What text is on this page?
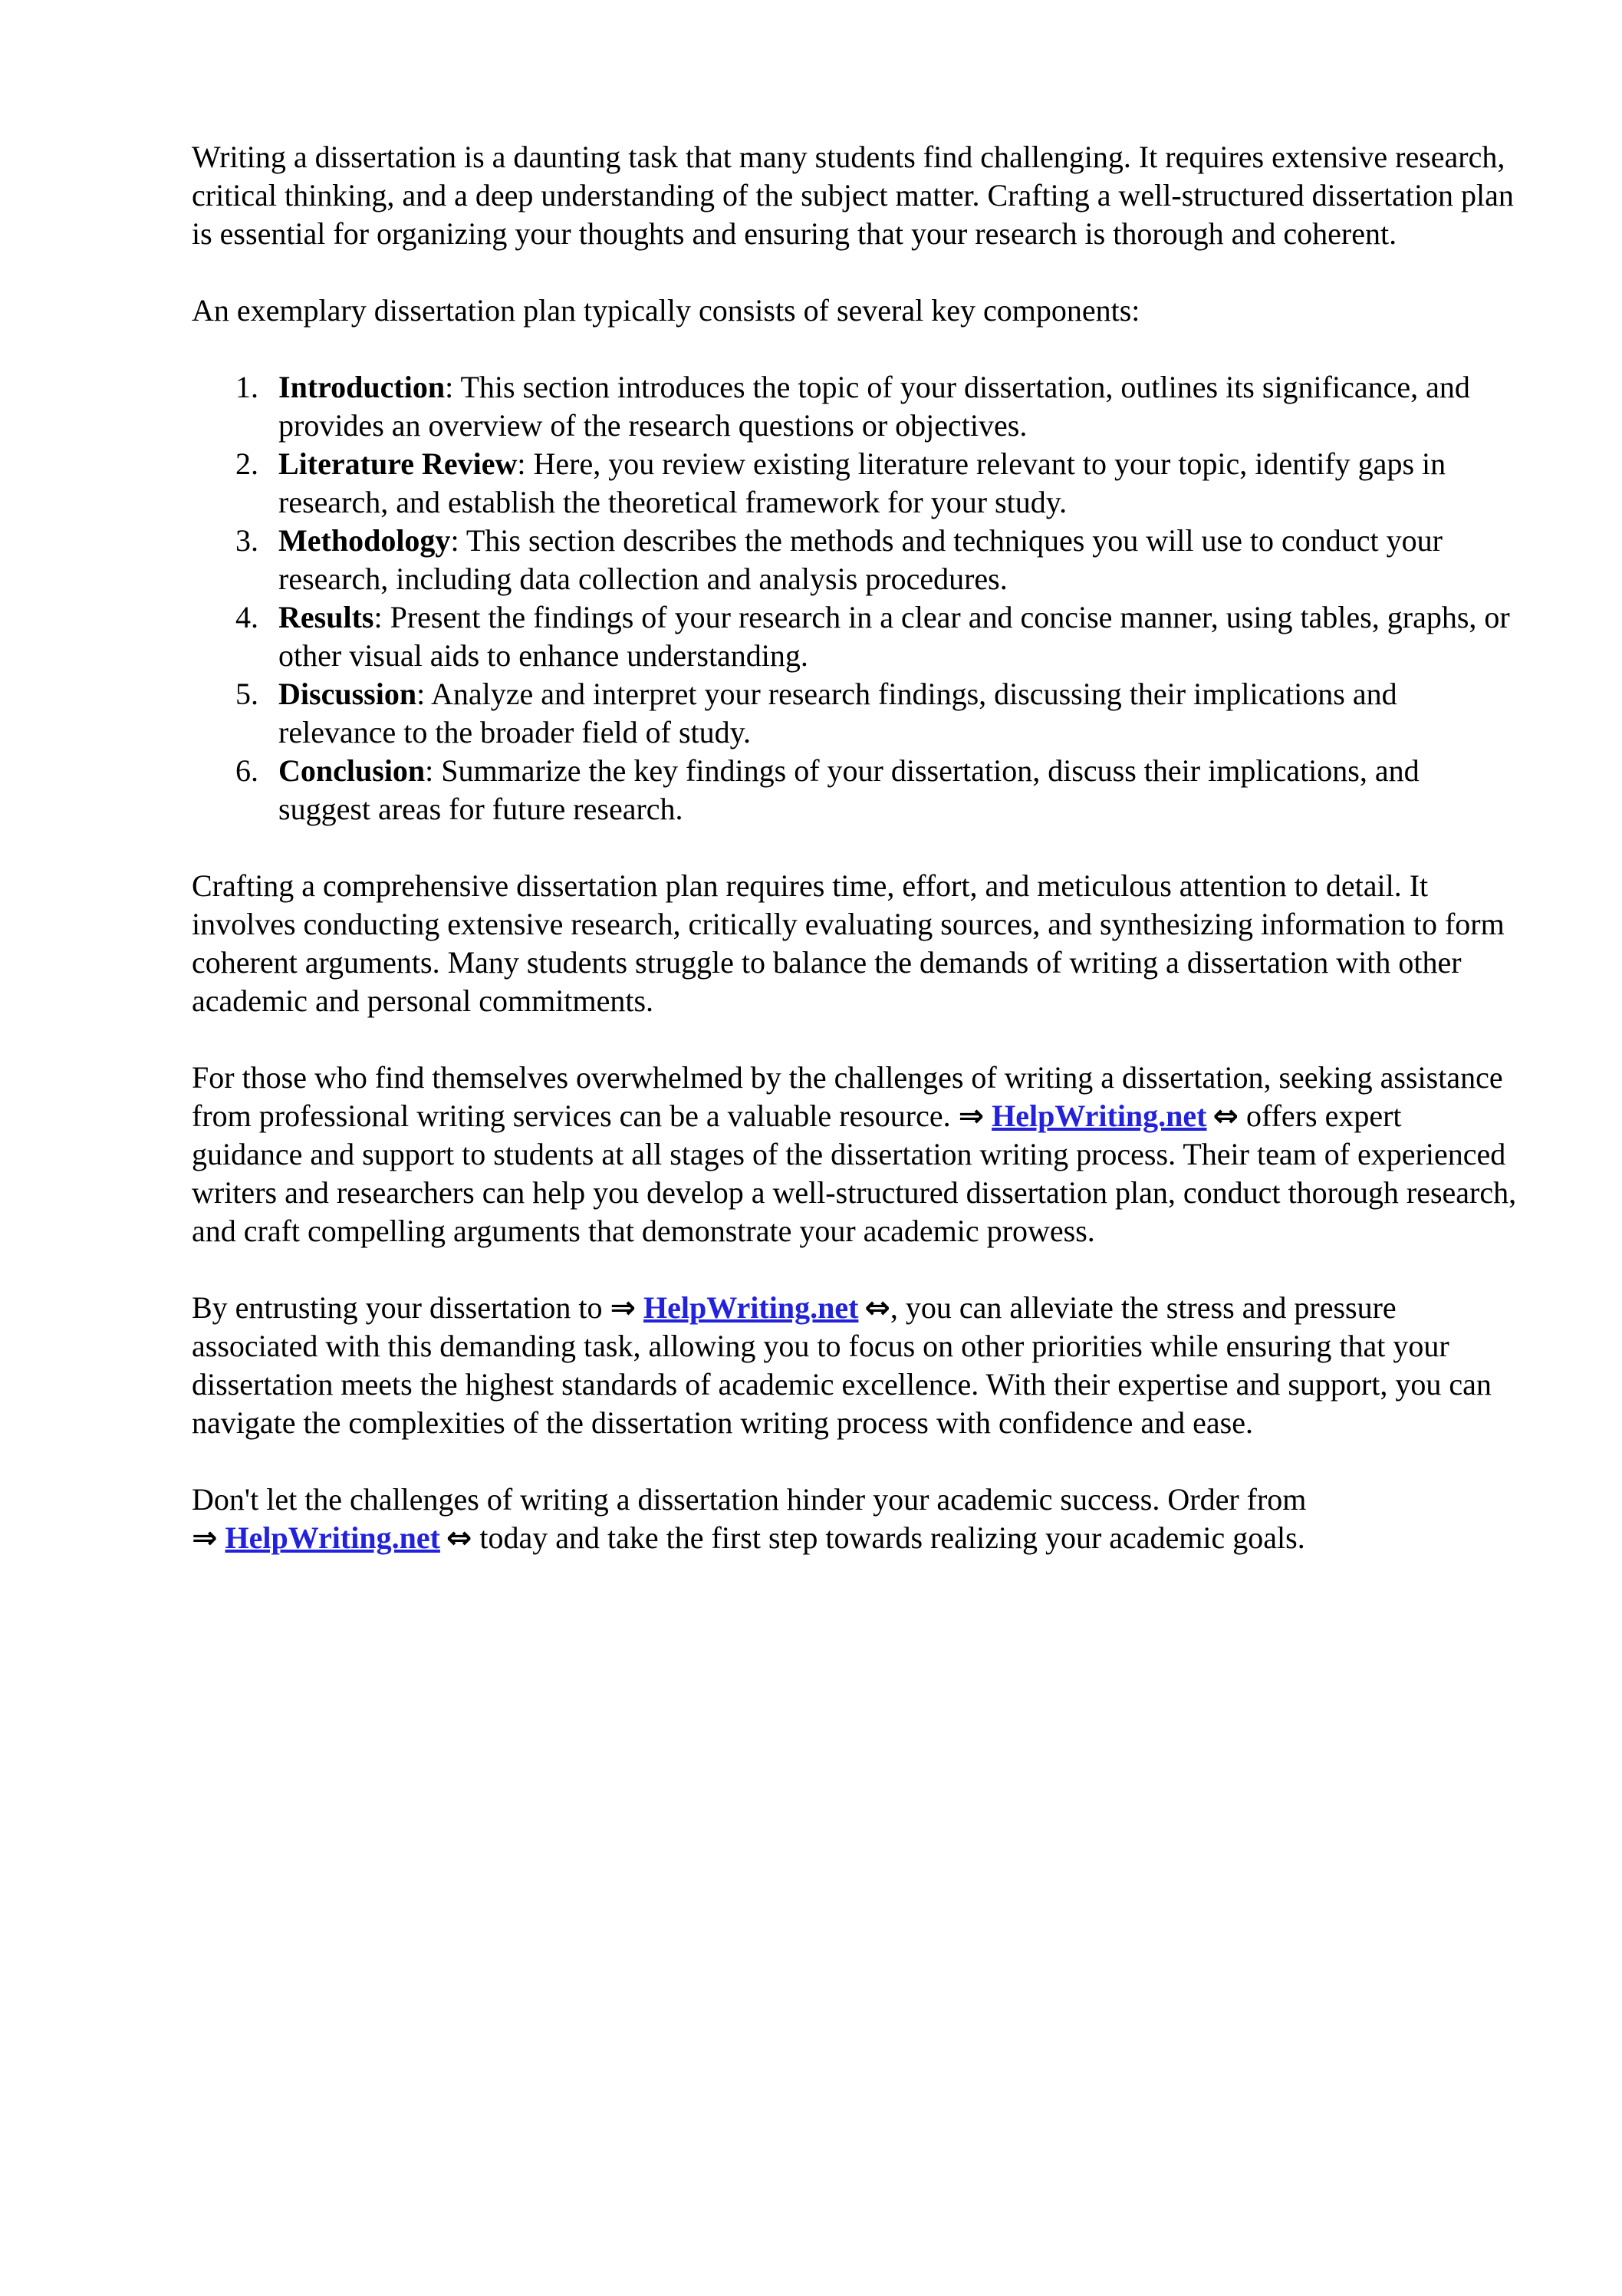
Writing a dissertation is a daunting task that many students find challenging. It requires extensive research, critical thinking, and a deep understanding of the subject matter. Crafting a well-structured dissertation plan is essential for organizing your thoughts and ensuring that your research is thorough and coherent.

An exemplary dissertation plan typically consists of several key components:

1. Introduction: This section introduces the topic of your dissertation, outlines its significance, and provides an overview of the research questions or objectives.
2. Literature Review: Here, you review existing literature relevant to your topic, identify gaps in research, and establish the theoretical framework for your study.
3. Methodology: This section describes the methods and techniques you will use to conduct your research, including data collection and analysis procedures.
4. Results: Present the findings of your research in a clear and concise manner, using tables, graphs, or other visual aids to enhance understanding.
5. Discussion: Analyze and interpret your research findings, discussing their implications and relevance to the broader field of study.
6. Conclusion: Summarize the key findings of your dissertation, discuss their implications, and suggest areas for future research.

Crafting a comprehensive dissertation plan requires time, effort, and meticulous attention to detail. It involves conducting extensive research, critically evaluating sources, and synthesizing information to form coherent arguments. Many students struggle to balance the demands of writing a dissertation with other academic and personal commitments.

For those who find themselves overwhelmed by the challenges of writing a dissertation, seeking assistance from professional writing services can be a valuable resource. ⇒ HelpWriting.net ⇔ offers expert guidance and support to students at all stages of the dissertation writing process. Their team of experienced writers and researchers can help you develop a well-structured dissertation plan, conduct thorough research, and craft compelling arguments that demonstrate your academic prowess.

By entrusting your dissertation to ⇒ HelpWriting.net ⇔, you can alleviate the stress and pressure associated with this demanding task, allowing you to focus on other priorities while ensuring that your dissertation meets the highest standards of academic excellence. With their expertise and support, you can navigate the complexities of the dissertation writing process with confidence and ease.

Don't let the challenges of writing a dissertation hinder your academic success. Order from ⇒ HelpWriting.net ⇔ today and take the first step towards realizing your academic goals.
